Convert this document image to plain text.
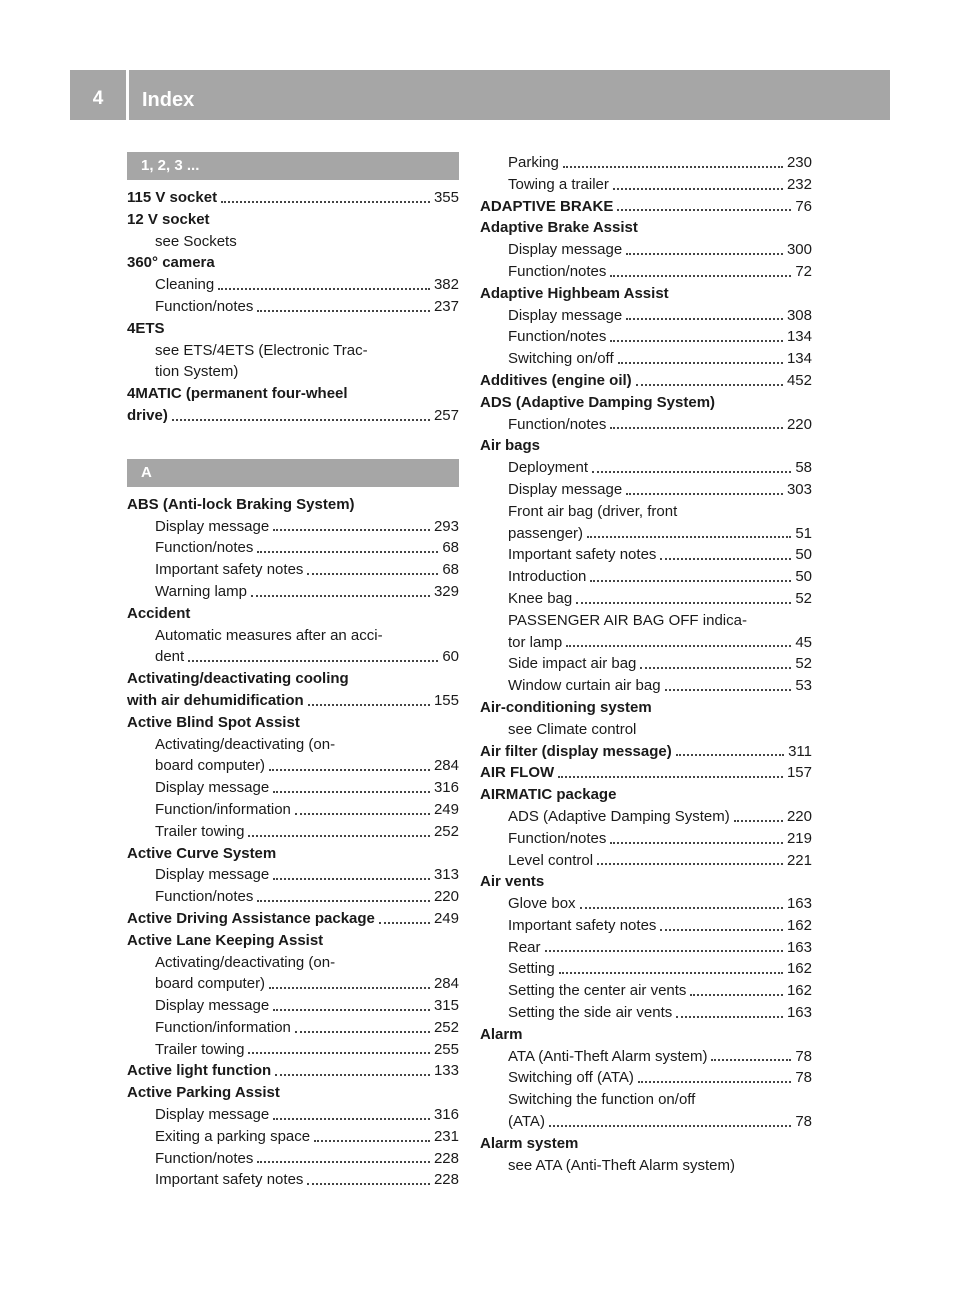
4	Index
1, 2, 3 ...
115 V socket	355
12 V socket
see Sockets
360° camera
Cleaning	382
Function/notes	237
4ETS
see ETS/4ETS (Electronic Trac-
tion System)
4MATIC (permanent four-wheel
drive)	257
A
ABS (Anti-lock Braking System)
Display message	293
Function/notes	68
Important safety notes	68
Warning lamp	329
Accident
Automatic measures after an acci-
dent	60
Activating/deactivating cooling
with air dehumidification	155
Active Blind Spot Assist
Activating/deactivating (on-
board computer)	284
Display message	316
Function/information	249
Trailer towing	252
Active Curve System
Display message	313
Function/notes	220
Active Driving Assistance package	249
Active Lane Keeping Assist
Activating/deactivating (on-
board computer)	284
Display message	315
Function/information	252
Trailer towing	255
Active light function	133
Active Parking Assist
Display message	316
Exiting a parking space	231
Function/notes	228
Important safety notes	228
Parking	230
Towing a trailer	232
ADAPTIVE BRAKE	76
Adaptive Brake Assist
Display message	300
Function/notes	72
Adaptive Highbeam Assist
Display message	308
Function/notes	134
Switching on/off	134
Additives (engine oil)	452
ADS (Adaptive Damping System)
Function/notes	220
Air bags
Deployment	58
Display message	303
Front air bag (driver, front
passenger)	51
Important safety notes	50
Introduction	50
Knee bag	52
PASSENGER AIR BAG OFF indica-
tor lamp	45
Side impact air bag	52
Window curtain air bag	53
Air-conditioning system
see Climate control
Air filter (display message)	311
AIR FLOW	157
AIRMATIC package
ADS (Adaptive Damping System)	220
Function/notes	219
Level control	221
Air vents
Glove box	163
Important safety notes	162
Rear	163
Setting	162
Setting the center air vents	162
Setting the side air vents	163
Alarm
ATA (Anti-Theft Alarm system)	78
Switching off (ATA)	78
Switching the function on/off
(ATA)	78
Alarm system
see ATA (Anti-Theft Alarm system)
